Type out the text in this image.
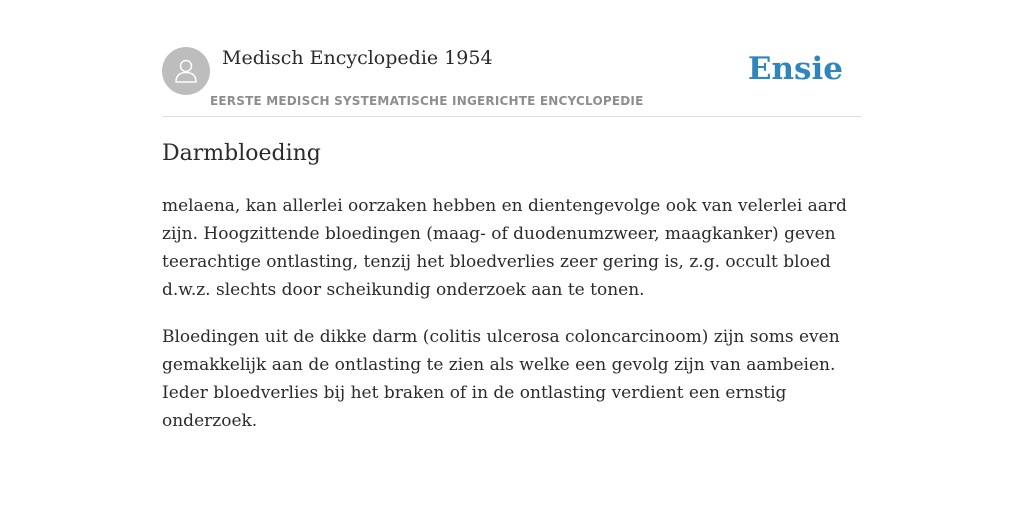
Medisch Encyclopedie 1954
EERSTE MEDISCH SYSTEMATISCHE INGERICHTE ENCYCLOPEDIE
Ensie
Darmbloeding

melaena, kan allerlei oorzaken hebben en dientengevolge ook van velerlei aard
zijn. Hoogzittende bloedingen (maag- of duodenumzweer, maagkanker) geven
teerachtige ontlasting, tenzij het bloedverlies zeer gering is, z.g. occult bloed
d.w.z. slechts door scheikundig onderzoek aan te tonen.

Bloedingen uit de dikke darm (colitis ulcerosa coloncarcinoom) zijn soms even
gemakkelijk aan de ontlasting te zien als welke een gevolg zijn van aambeien.
Ieder bloedverlies bij het braken of in de ontlasting verdient een ernstig
onderzoek.
